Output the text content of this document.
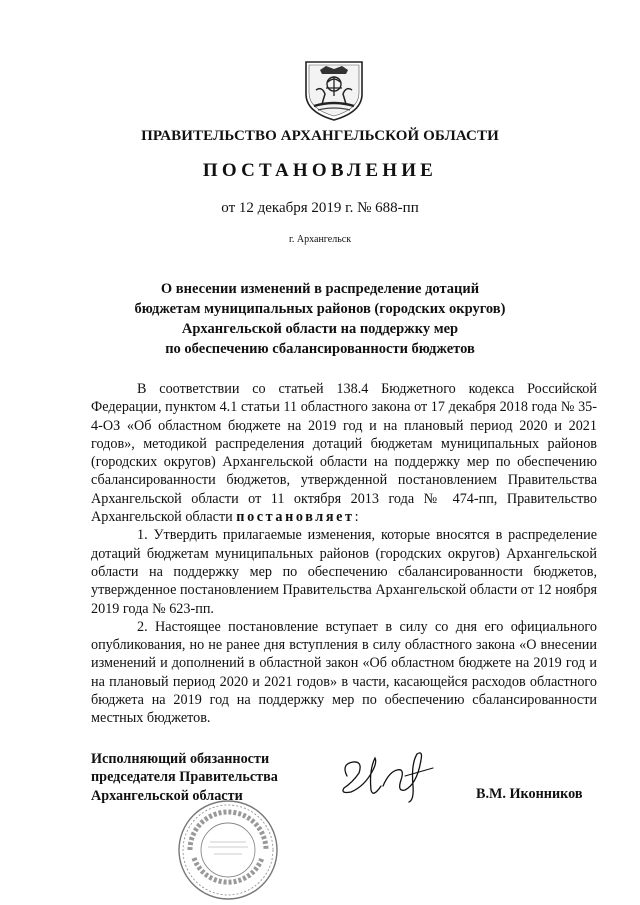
ПРАВИТЕЛЬСТВО АРХАНГЕЛЬСКОЙ ОБЛАСТИ
ПОСТАНОВЛЕНИЕ
от 12 декабря 2019 г. № 688-пп
г. Архангельск
О внесении изменений в распределение дотаций
бюджетам муниципальных районов (городских округов)
Архангельской области на поддержку мер
по обеспечению сбалансированности бюджетов

В соответствии со статьей 138.4 Бюджетного кодекса Российской Федерации, пунктом 4.1 статьи 11 областного закона от 17 декабря 2018 года № 35-4-ОЗ «Об областном бюджете на 2019 год и на плановый период 2020 и 2021 годов», методикой распределения дотаций бюджетам муниципальных районов (городских округов) Архангельской области на поддержку мер по обеспечению сбалансированности бюджетов, утвержденной постановлением Правительства Архангельской области от 11 октября 2013 года № 474-пп, Правительство Архангельской области постановляет:

1. Утвердить прилагаемые изменения, которые вносятся в распределение дотаций бюджетам муниципальных районов (городских округов) Архангельской области на поддержку мер по обеспечению сбалансированности бюджетов, утвержденное постановлением Правительства Архангельской области от 12 ноября 2019 года № 623-пп.

2. Настоящее постановление вступает в силу со дня его официального опубликования, но не ранее дня вступления в силу областного закона «О внесении изменений и дополнений в областной закон «Об областном бюджете на 2019 год и на плановый период 2020 и 2021 годов» в части, касающейся расходов областного бюджета на 2019 год на поддержку мер по обеспечению сбалансированности местных бюджетов.

Исполняющий обязанности
председателя Правительства
Архангельской области	В.М. Иконников
